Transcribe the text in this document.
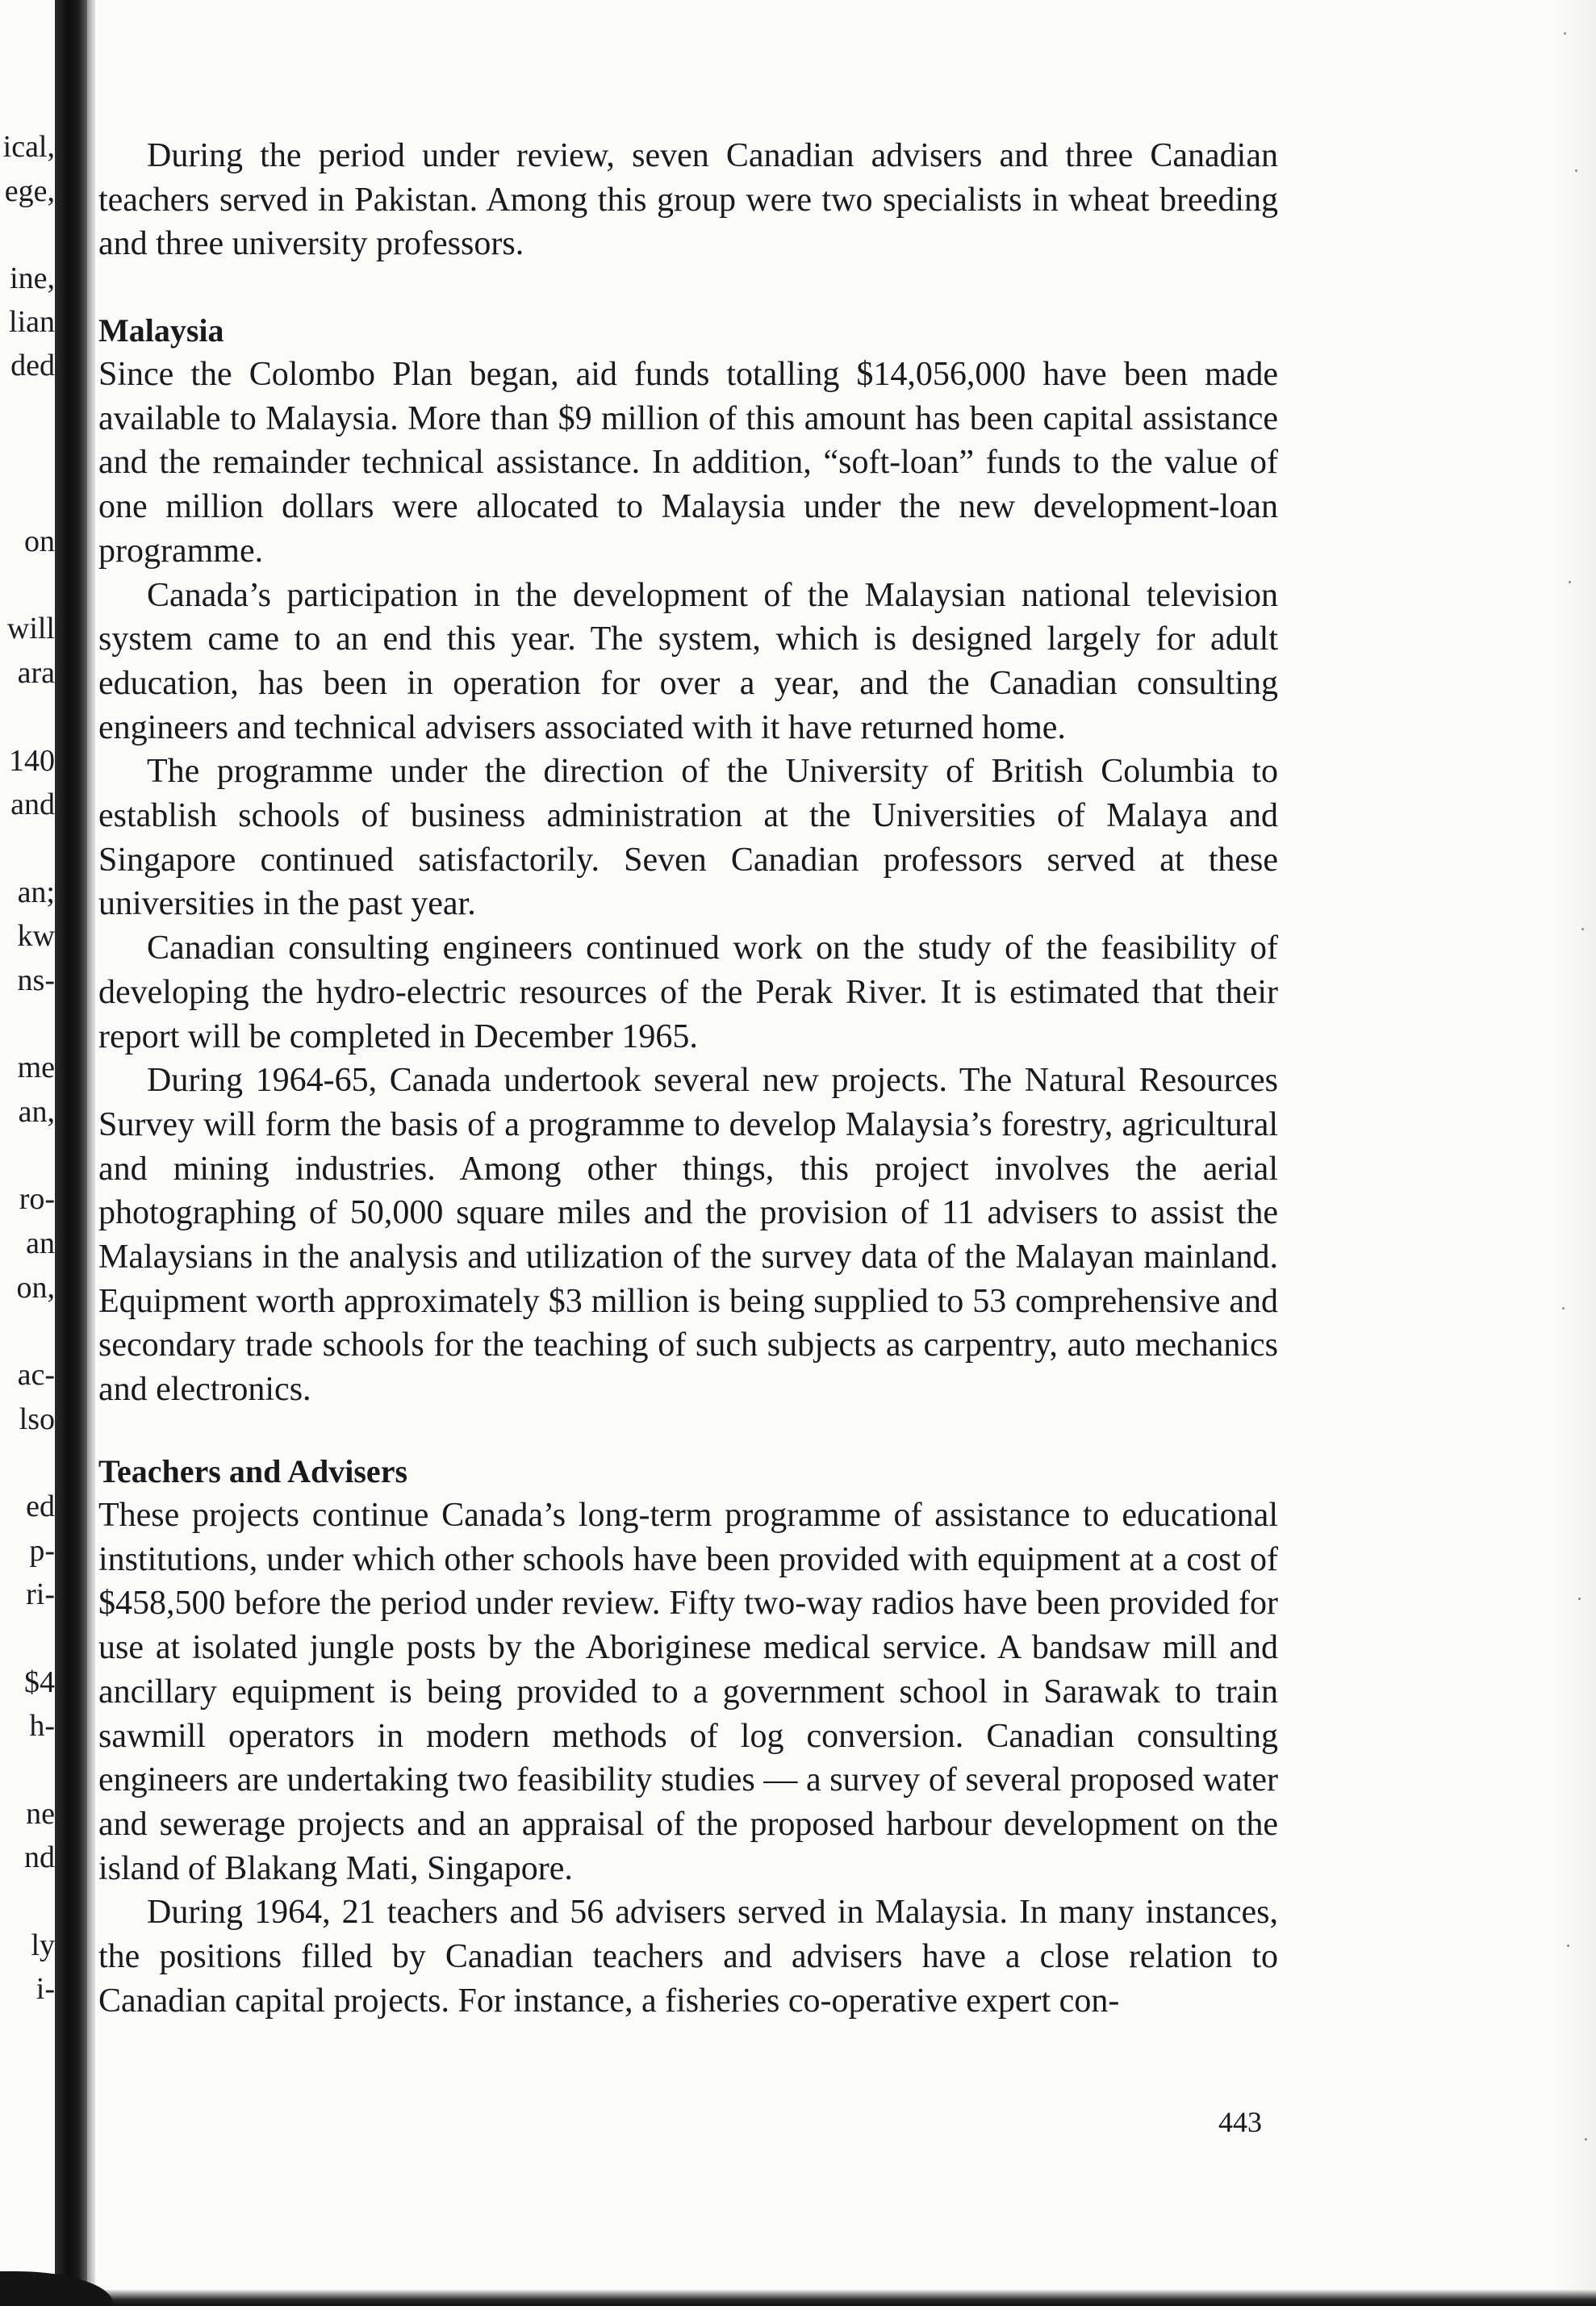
ical,
ege,
ine,
lian
ded
on
will
ara
140
and
an;
kw
ns-
me
an,
ro-
an
on,
ac-
lso
ed
p-
ri-
$4
h-
ne
nd
ly
i-

During the period under review, seven Canadian advisers and three Canadian teachers served in Pakistan. Among this group were two specialists in wheat breeding and three university professors.

Malaysia

Since the Colombo Plan began, aid funds totalling $14,056,000 have been made available to Malaysia. More than $9 million of this amount has been capital assistance and the remainder technical assistance. In addition, “soft-loan” funds to the value of one million dollars were allocated to Malaysia under the new development-loan programme.

Canada’s participation in the development of the Malaysian national television system came to an end this year. The system, which is designed largely for adult education, has been in operation for over a year, and the Canadian consulting engineers and technical advisers associated with it have returned home.

The programme under the direction of the University of British Columbia to establish schools of business administration at the Universities of Malaya and Singapore continued satisfactorily. Seven Canadian professors served at these universities in the past year.

Canadian consulting engineers continued work on the study of the feasibility of developing the hydro-electric resources of the Perak River. It is estimated that their report will be completed in December 1965.

During 1964-65, Canada undertook several new projects. The Natural Resources Survey will form the basis of a programme to develop Malaysia’s forestry, agricultural and mining industries. Among other things, this project involves the aerial photographing of 50,000 square miles and the provision of 11 advisers to assist the Malaysians in the analysis and utilization of the survey data of the Malayan mainland. Equipment worth approximately $3 million is being supplied to 53 comprehensive and secondary trade schools for the teaching of such subjects as carpentry, auto mechanics and electronics.

Teachers and Advisers

These projects continue Canada’s long-term programme of assistance to educational institutions, under which other schools have been provided with equipment at a cost of $458,500 before the period under review. Fifty two-way radios have been provided for use at isolated jungle posts by the Aboriginese medical service. A bandsaw mill and ancillary equipment is being provided to a government school in Sarawak to train sawmill operators in modern methods of log conversion. Canadian consulting engineers are undertaking two feasibility studies — a survey of several proposed water and sewerage projects and an appraisal of the proposed harbour development on the island of Blakang Mati, Singapore.

During 1964, 21 teachers and 56 advisers served in Malaysia. In many instances, the positions filled by Canadian teachers and advisers have a close relation to Canadian capital projects. For instance, a fisheries co-operative expert con-

443
